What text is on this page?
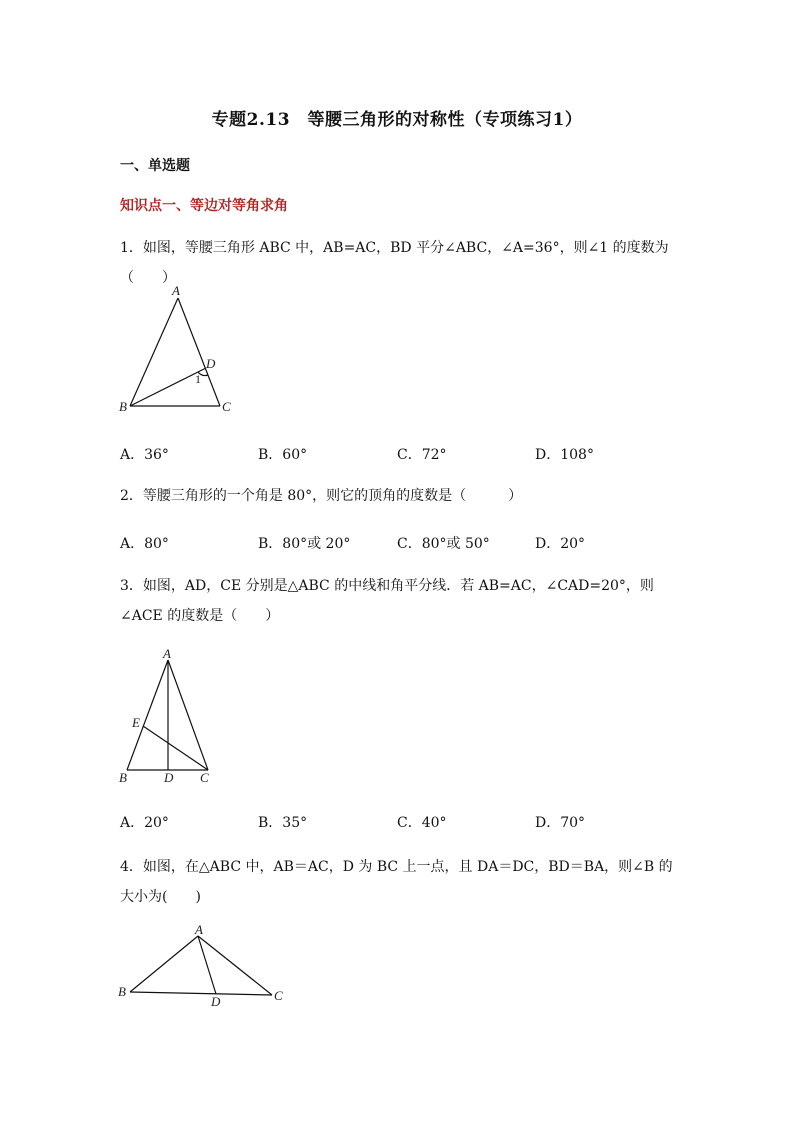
专题2.13　等腰三角形的对称性（专项练习1）
一、单选题
知识点一、等边对等角求角
1．如图，等腰三角形 ABC 中，AB=AC，BD 平分∠ABC，∠A=36°，则∠1 的度数为（　　）
A
B	C
D
1
A．36°	B．60°	C．72°	D．108°
2．等腰三角形的一个角是 80°，则它的顶角的度数是（　　　）
A．80°	B．80°或 20°	C．80°或 50°	D．20°
3．如图，AD，CE 分别是△ABC 的中线和角平分线．若 AB=AC，∠CAD=20°，则∠ACE 的度数是（　　）
A
B	C
D
E
A．20°	B．35°	C．40°	D．70°
4．如图，在△ABC 中，AB＝AC，D 为 BC 上一点，且 DA＝DC，BD＝BA，则∠B 的大小为(　　)
A
B	C
D
